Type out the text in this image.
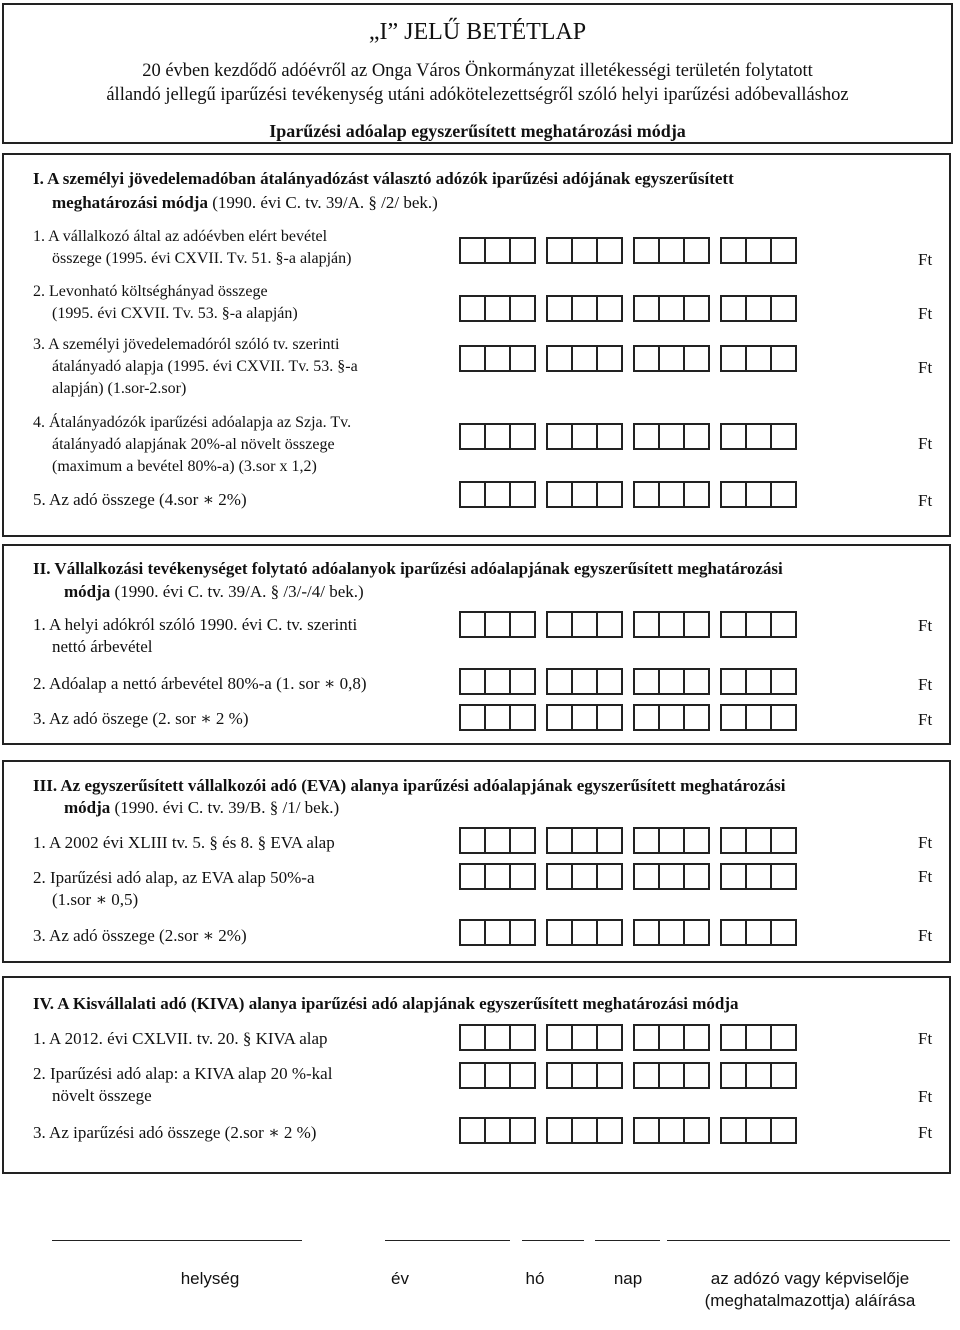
„I” JELŰ BETÉTLAP
20 évben kezdődő adóévről az Onga Város Önkormányzat illetékességi területén folytatott
állandó jellegű iparűzési tevékenység utáni adókötelezettségről szóló helyi iparűzési adóbevalláshoz
Iparűzési adóalap egyszerűsített meghatározási módja
I. A személyi jövedelemadóban átalányadózást választó adózók iparűzési adójának egyszerűsített
meghatározási módja (1990. évi C. tv. 39/A. § /2/ bek.)
1. A vállalkozó által az adóévben elért bevétel
összege (1995. évi CXVII. Tv. 51. §-a alapján)	Ft
2. Levonható költséghányad összege
(1995. évi CXVII. Tv. 53. §-a alapján)	Ft
3. A személyi jövedelemadóról szóló tv. szerinti
átalányadó alapja (1995. évi CXVII. Tv. 53. §-a
alapján) (1.sor-2.sor)
Ft
4. Átalányadózók iparűzési adóalapja az Szja. Tv.
átalányadó alapjának 20%-al növelt összege
(maximum a bevétel 80%-a) (3.sor x 1,2)
Ft
5. Az adó összege (4.sor ∗ 2%)	Ft
II. Vállalkozási tevékenységet folytató adóalanyok iparűzési adóalapjának egyszerűsített meghatározási
módja (1990. évi C. tv. 39/A. § /3/-/4/ bek.)
1. A helyi adókról szóló 1990. évi C. tv. szerinti
nettó árbevétel
Ft
2. Adóalap a nettó árbevétel 80%-a (1. sor ∗ 0,8)	Ft
3. Az adó öszege (2. sor ∗ 2 %)	Ft
III. Az egyszerűsített vállalkozói adó (EVA) alanya iparűzési adóalapjának egyszerűsített meghatározási
módja (1990. évi C. tv. 39/B. § /1/ bek.)
1. A 2002 évi XLIII tv. 5. § és 8. § EVA alap	Ft
2. Iparűzési adó alap, az EVA alap 50%-a
(1.sor ∗ 0,5)
Ft
3. Az adó összege (2.sor ∗ 2%)	Ft
IV. A Kisvállalati adó (KIVA) alanya iparűzési adó alapjának egyszerűsített meghatározási módja
1. A 2012. évi CXLVII. tv. 20. § KIVA alap	Ft
2. Iparűzési adó alap: a KIVA alap 20 %-kal
növelt összege	Ft
3. Az iparűzési adó összege (2.sor ∗ 2 %)	Ft
helység	év	hó	nap	az adózó vagy képviselője
(meghatalmazottja) aláírása
